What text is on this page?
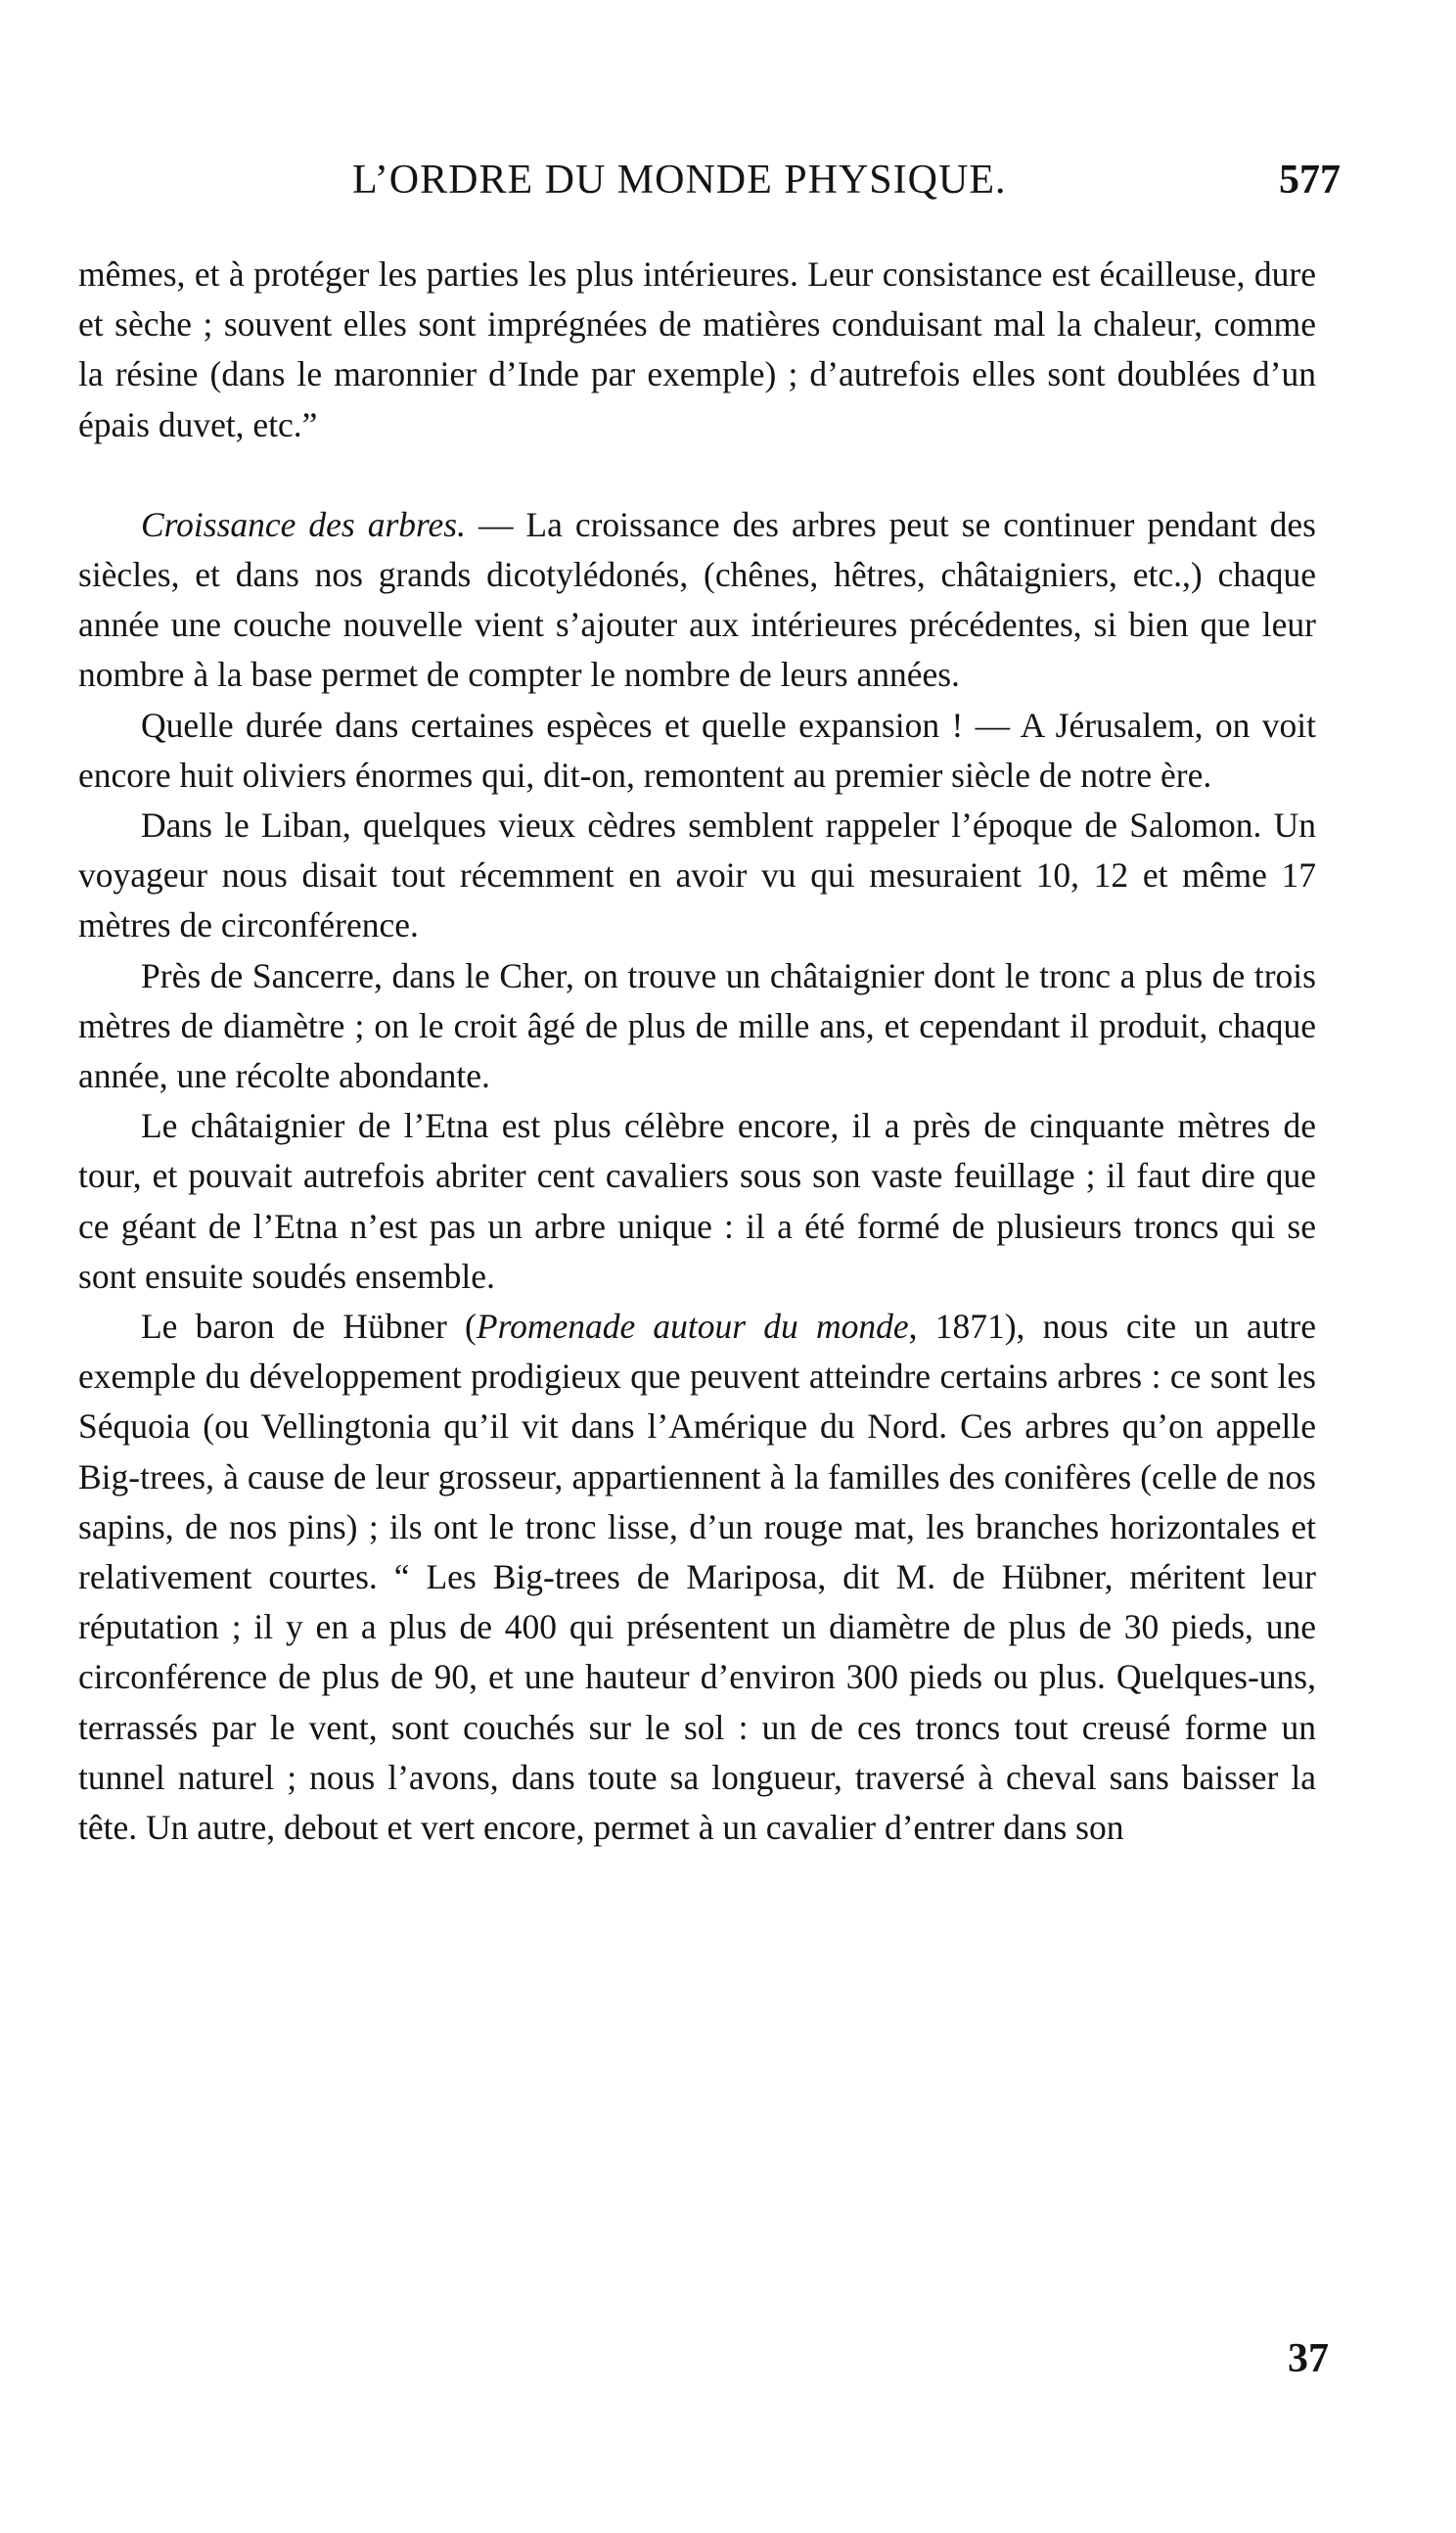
L’ORDRE DU MONDE PHYSIQUE.	577

mêmes, et à protéger les parties les plus intérieures. Leur consistance est écailleuse, dure et sèche ; souvent elles sont imprégnées de matières conduisant mal la chaleur, comme la résine (dans le maronnier d’Inde par exemple) ; d’autrefois elles sont doublées d’un épais duvet, etc.”

Croissance des arbres. — La croissance des arbres peut se continuer pendant des siècles, et dans nos grands dicotylédonés, (chênes, hêtres, châtaigniers, etc.,) chaque année une couche nouvelle vient s’ajouter aux intérieures précédentes, si bien que leur nombre à la base permet de compter le nombre de leurs années.

Quelle durée dans certaines espèces et quelle expansion ! — A Jérusalem, on voit encore huit oliviers énormes qui, dit-on, remontent au premier siècle de notre ère.

Dans le Liban, quelques vieux cèdres semblent rappeler l’époque de Salomon. Un voyageur nous disait tout récemment en avoir vu qui mesuraient 10, 12 et même 17 mètres de circonférence.

Près de Sancerre, dans le Cher, on trouve un châtaignier dont le tronc a plus de trois mètres de diamètre ; on le croit âgé de plus de mille ans, et cependant il produit, chaque année, une récolte abondante.

Le châtaignier de l’Etna est plus célèbre encore, il a près de cinquante mètres de tour, et pouvait autrefois abriter cent cavaliers sous son vaste feuillage ; il faut dire que ce géant de l’Etna n’est pas un arbre unique : il a été formé de plusieurs troncs qui se sont ensuite soudés ensemble.

Le baron de Hübner (Promenade autour du monde, 1871), nous cite un autre exemple du développement prodigieux que peuvent atteindre certains arbres : ce sont les Séquoia (ou Vellingtonia qu’il vit dans l’Amérique du Nord. Ces arbres qu’on appelle Big-trees, à cause de leur grosseur, appartiennent à la familles des conifères (celle de nos sapins, de nos pins) ; ils ont le tronc lisse, d’un rouge mat, les branches horizontales et relativement courtes. “ Les Big-trees de Mariposa, dit M. de Hübner, méritent leur réputation ; il y en a plus de 400 qui présentent un diamètre de plus de 30 pieds, une circonférence de plus de 90, et une hauteur d’environ 300 pieds ou plus. Quelques-uns, terrassés par le vent, sont couchés sur le sol : un de ces troncs tout creusé forme un tunnel naturel ; nous l’avons, dans toute sa longueur, traversé à cheval sans baisser la tête. Un autre, debout et vert encore, permet à un cavalier d’entrer dans son

37
